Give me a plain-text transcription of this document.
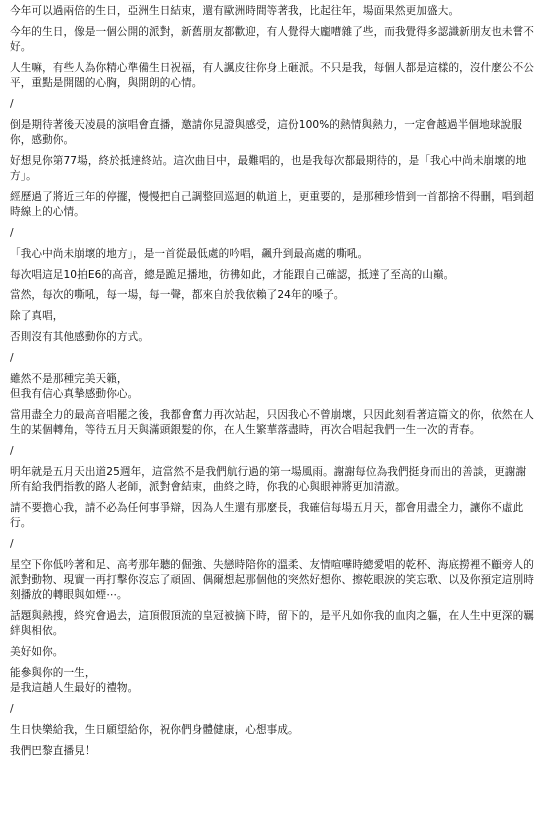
今年可以過兩倍的生日，亞洲生日結束，還有歐洲時間等著我，比起往年，場面果然更加盛大。

今年的生日，像是一個公開的派對，新舊朋友都歡迎，有人覺得大龐嘈雜了些，而我覺得多認識新朋友也未嘗不好。

人生嘛，有些人為你精心準備生日祝福，有人諷皮往你身上砸派。不只是我，每個人都是這樣的，沒什麼公不公平，重點是開闊的心胸，與開朗的心情。

/

倒是期待著後天凌晨的演唱會直播，邀請你見證與感受，這份100%的熱情與熱力，一定會越過半個地球說服你，感動你。

好想見你第77場，終於抵達終站。這次曲目中，最難唱的，也是我每次都最期待的，是「我心中尚未崩壞的地方」。

經歷過了將近三年的停擺，慢慢把自己調整回巡迴的軌道上，更重要的，是那種珍惜到一首都捨不得刪，唱到超時線上的心情。

/

「我心中尚未崩壞的地方」，是一首從最低處的吟唱，飆升到最高處的嘶吼。

每次唱這足10拍E6的高音，總是跪足播地，彷彿如此，才能跟自己確認，抵達了至高的山巔。

當然，每次的嘶吼，每一場，每一聲，都來自於我依賴了24年的嗓子。

除了真唱，

否則沒有其他感動你的方式。

/

雖然不是那種完美天籟，
但我有信心真摯感動你心。

當用盡全力的最高音唱罷之後，我都會奮力再次站起，只因我心不曾崩壞，只因此刻看著這篇文的你，依然在人生的某個轉角，等待五月天與滿頭銀髮的你，在人生繁華落盡時，再次合唱起我們一生一次的青春。

/

明年就是五月天出道25週年，這當然不是我們航行過的第一場風雨。謝謝每位為我們挺身而出的善談，更謝謝所有給我們指教的路人老師，派對會結束，曲終之時，你我的心與眼神將更加清澈。

請不要擔心我，請不必為任何事爭辯，因為人生還有那麼長，我確信每場五月天，都會用盡全力，讓你不虛此行。

/

星空下你低吟著和足、高考那年聽的倔強、失戀時陪你的溫柔、友情喧嘩時總愛唱的乾杯、海底撈裡不顧旁人的派對動物、現實一再打擊你沒忘了頑固、偶爾想起那個他的突然好想你、擦乾眼淚的笑忘歌、以及你預定這別時刻播放的轉眼與如煙⋯。

話題與熱搜，終究會過去，這頂假頂流的皇冠被摘下時，留下的，是平凡如你我的血肉之軀，在人生中更深的羈絆與相依。

美好如你。

能參與你的一生，
是我這趟人生最好的禮物。

/

生日快樂給我，生日願望給你，祝你們身體健康，心想事成。

我們巴黎直播見！
